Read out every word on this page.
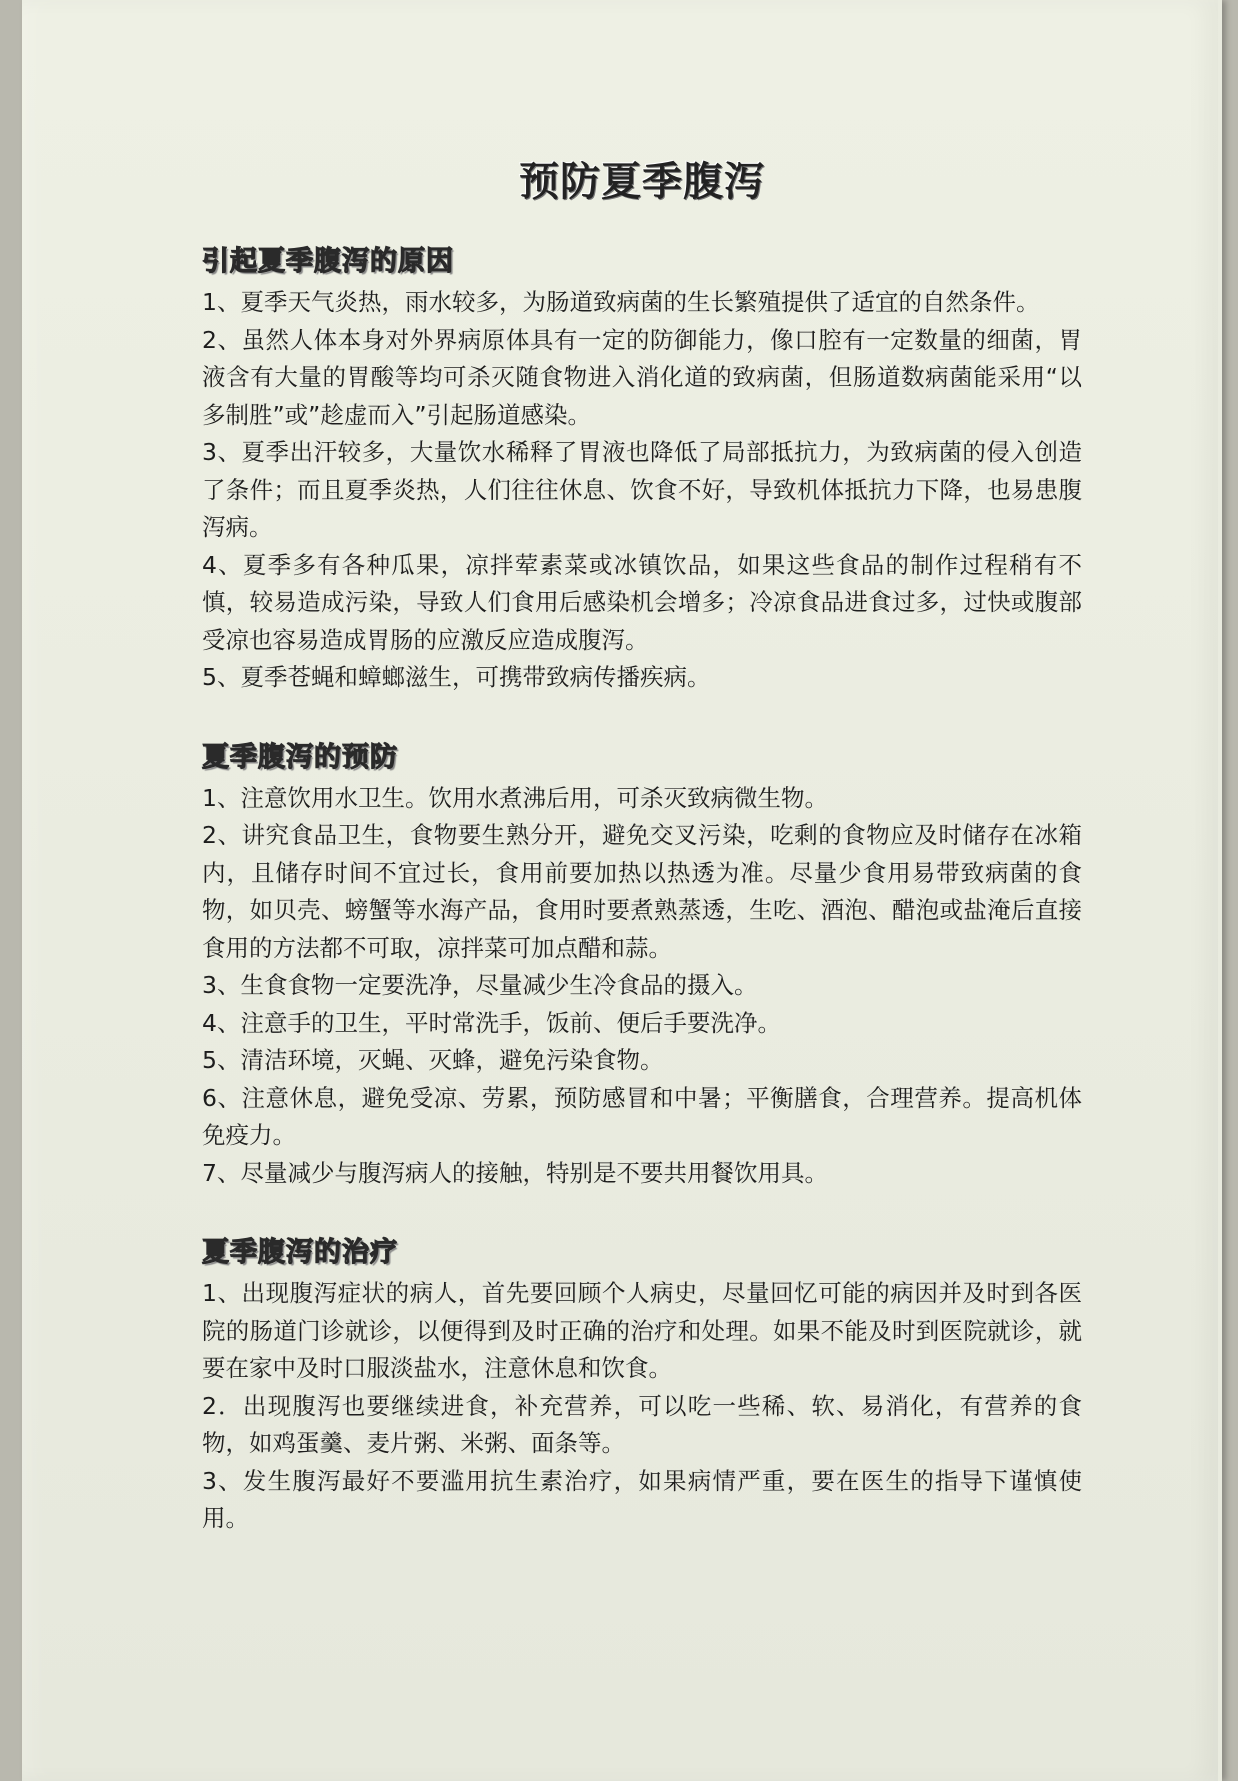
预防夏季腹泻
引起夏季腹泻的原因

1、夏季天气炎热，雨水较多，为肠道致病菌的生长繁殖提供了适宜的自然条件。

2、虽然人体本身对外界病原体具有一定的防御能力，像口腔有一定数量的细菌，胃液含有大量的胃酸等均可杀灭随食物进入消化道的致病菌，但肠道数病菌能采用“以多制胜”或”趁虚而入”引起肠道感染。

3、夏季出汗较多，大量饮水稀释了胃液也降低了局部抵抗力，为致病菌的侵入创造了条件；而且夏季炎热，人们往往休息、饮食不好，导致机体抵抗力下降，也易患腹泻病。

4、夏季多有各种瓜果，凉拌荤素菜或冰镇饮品，如果这些食品的制作过程稍有不慎，较易造成污染，导致人们食用后感染机会增多；冷凉食品进食过多，过快或腹部受凉也容易造成胃肠的应激反应造成腹泻。

5、夏季苍蝇和蟑螂滋生，可携带致病传播疾病。

夏季腹泻的预防

1、注意饮用水卫生。饮用水煮沸后用，可杀灭致病微生物。

2、讲究食品卫生，食物要生熟分开，避免交叉污染，吃剩的食物应及时储存在冰箱内，且储存时间不宜过长，食用前要加热以热透为准。尽量少食用易带致病菌的食物，如贝壳、螃蟹等水海产品，食用时要煮熟蒸透，生吃、酒泡、醋泡或盐淹后直接食用的方法都不可取，凉拌菜可加点醋和蒜。

3、生食食物一定要洗净，尽量减少生冷食品的摄入。

4、注意手的卫生，平时常洗手，饭前、便后手要洗净。

5、清洁环境，灭蝇、灭蜂，避免污染食物。

6、注意休息，避免受凉、劳累，预防感冒和中暑；平衡膳食，合理营养。提高机体免疫力。

7、尽量减少与腹泻病人的接触，特别是不要共用餐饮用具。

夏季腹泻的治疗

1、出现腹泻症状的病人，首先要回顾个人病史，尽量回忆可能的病因并及时到各医院的肠道门诊就诊，以便得到及时正确的治疗和处理。如果不能及时到医院就诊，就要在家中及时口服淡盐水，注意休息和饮食。

2．出现腹泻也要继续进食，补充营养，可以吃一些稀、软、易消化，有营养的食物，如鸡蛋羹、麦片粥、米粥、面条等。

3、发生腹泻最好不要滥用抗生素治疗，如果病情严重，要在医生的指导下谨慎使用。
